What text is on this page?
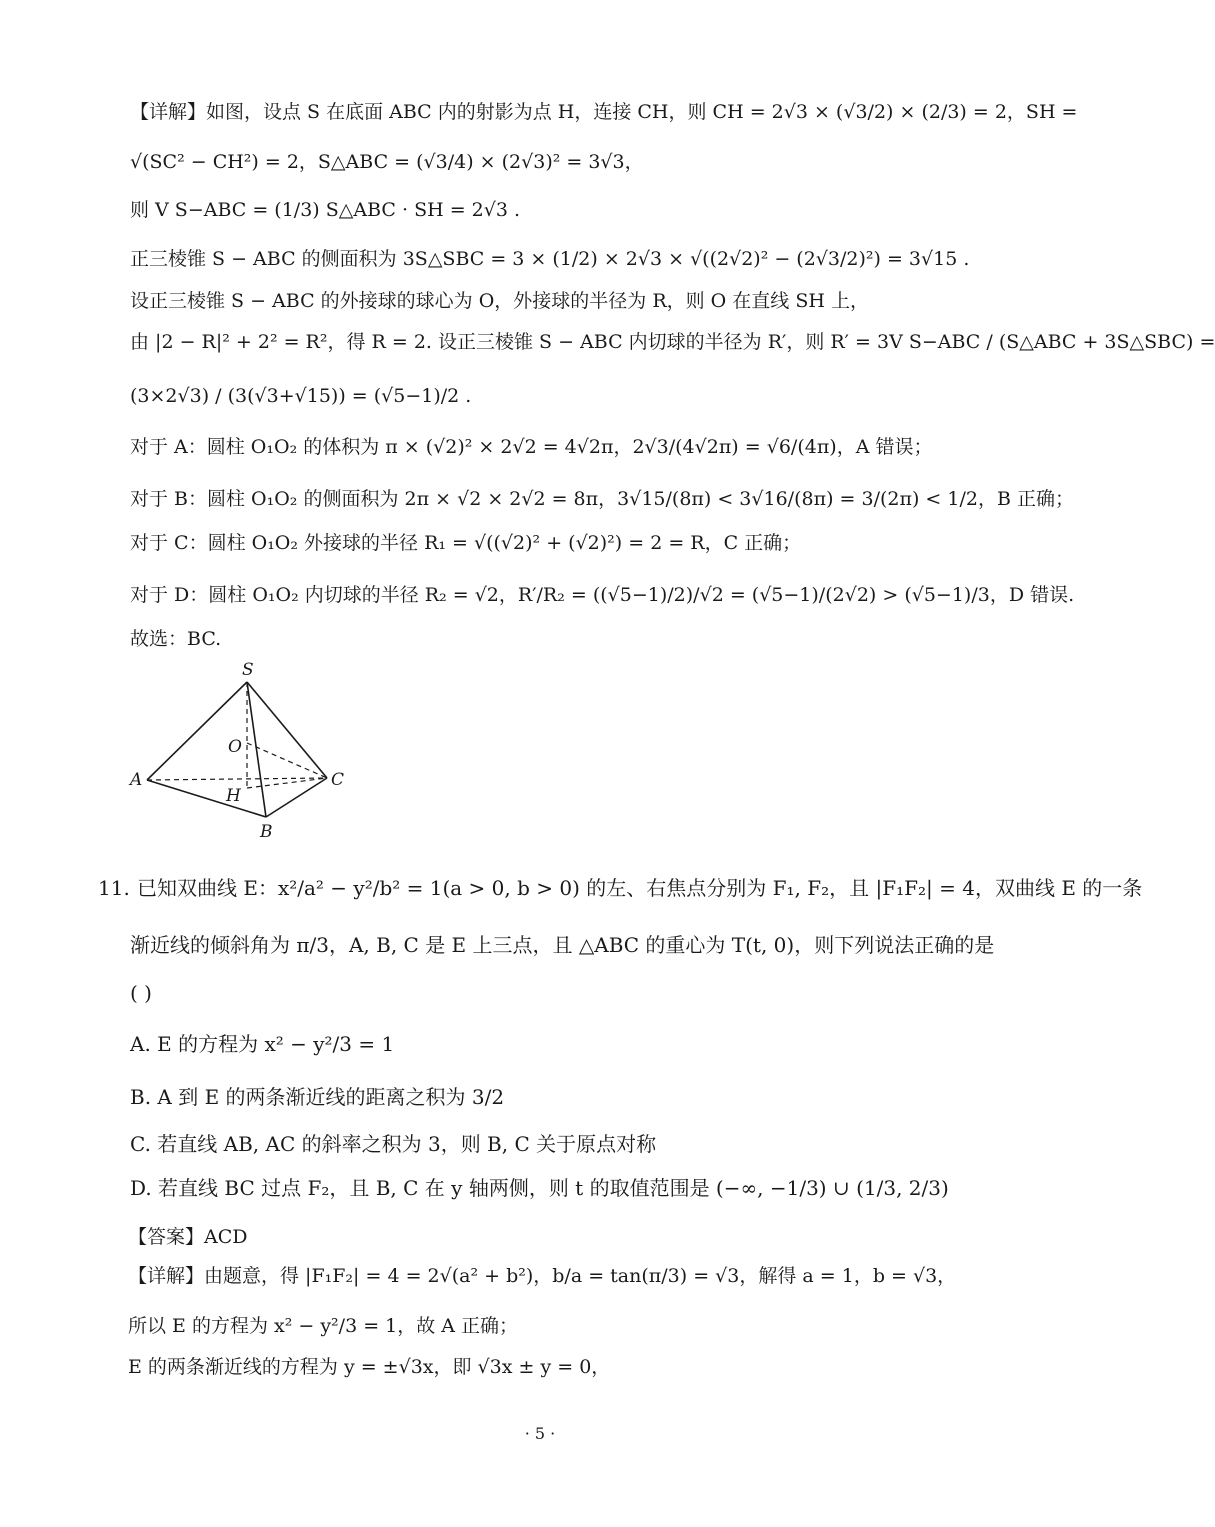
【详解】如图，设点 S 在底面 ABC 内的射影为点 H，连接 CH，则 CH = 2√3 × (√3/2) × (2/3) = 2，SH =
√(SC² − CH²) = 2，S△ABC = (√3/4) × (2√3)² = 3√3，
则 V S−ABC = (1/3) S△ABC · SH = 2√3 .
正三棱锥 S − ABC 的侧面积为 3S△SBC = 3 × (1/2) × 2√3 × √((2√2)² − (2√3/2)²) = 3√15 .
设正三棱锥 S − ABC 的外接球的球心为 O，外接球的半径为 R，则 O 在直线 SH 上，
由 |2 − R|² + 2² = R²，得 R = 2. 设正三棱锥 S − ABC 内切球的半径为 R′，则 R′ = 3V S−ABC / (S△ABC + 3S△SBC) =
(3×2√3) / (3(√3+√15)) = (√5−1)/2 .
对于 A：圆柱 O₁O₂ 的体积为 π × (√2)² × 2√2 = 4√2π，2√3/(4√2π) = √6/(4π)，A 错误；
对于 B：圆柱 O₁O₂ 的侧面积为 2π × √2 × 2√2 = 8π，3√15/(8π) < 3√16/(8π) = 3/(2π) < 1/2，B 正确；
对于 C：圆柱 O₁O₂ 外接球的半径 R₁ = √((√2)² + (√2)²) = 2 = R，C 正确；
对于 D：圆柱 O₁O₂ 内切球的半径 R₂ = √2，R′/R₂ = ((√5−1)/2)/√2 = (√5−1)/(2√2) > (√5−1)/3，D 错误.
故选：BC.
S
O
A
H
C
B
11. 已知双曲线 E：x²/a² − y²/b² = 1(a > 0, b > 0) 的左、右焦点分别为 F₁, F₂，且 |F₁F₂| = 4，双曲线 E 的一条
渐近线的倾斜角为 π/3，A, B, C 是 E 上三点，且 △ABC 的重心为 T(t, 0)，则下列说法正确的是
( )
A. E 的方程为 x² − y²/3 = 1
B. A 到 E 的两条渐近线的距离之积为 3/2
C. 若直线 AB, AC 的斜率之积为 3，则 B, C 关于原点对称
D. 若直线 BC 过点 F₂，且 B, C 在 y 轴两侧，则 t 的取值范围是 (−∞, −1/3) ∪ (1/3, 2/3)
【答案】ACD
【详解】由题意，得 |F₁F₂| = 4 = 2√(a² + b²)，b/a = tan(π/3) = √3，解得 a = 1，b = √3，
所以 E 的方程为 x² − y²/3 = 1，故 A 正确；
E 的两条渐近线的方程为 y = ±√3x，即 √3x ± y = 0，
· 5 ·
